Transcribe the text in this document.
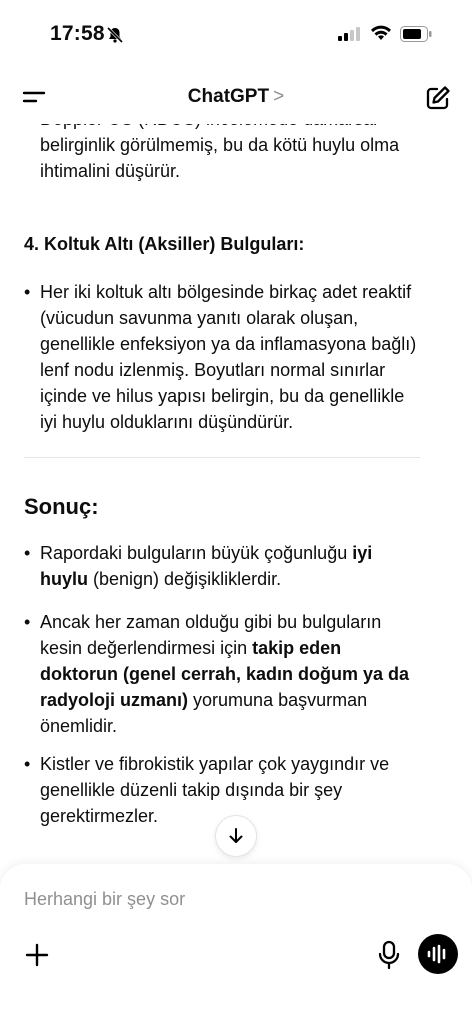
17:58
ChatGPT >

belirginlik görülmemiş, bu da kötü huylu olma

ihtimalini düşürür.

4. Koltuk Altı (Aksiller) Bulguları:
• Her iki koltuk altı bölgesinde birkaç adet reaktif

(vücudun savunma yanıtı olarak oluşan,

genellikle enfeksiyon ya da inflamasyona bağlı)

lenf nodu izlenmiş. Boyutları normal sınırlar

içinde ve hilus yapısı belirgin, bu da genellikle

iyi huylu olduklarını düşündürür.

Sonuç:
• Rapordaki bulguların büyük çoğunluğu iyi

huylu (benign) değişikliklerdir.

• Ancak her zaman olduğu gibi bu bulguların

kesin değerlendirmesi için takip eden

doktorun (genel cerrah, kadın doğum ya da

radyoloji uzmanı) yorumuna başvurman

önemlidir.

• Kistler ve fibrokistik yapılar çok yaygındır ve

genellikle düzenli takip dışında bir şey

gerektirmezler.

Herhangi bir şey sor
